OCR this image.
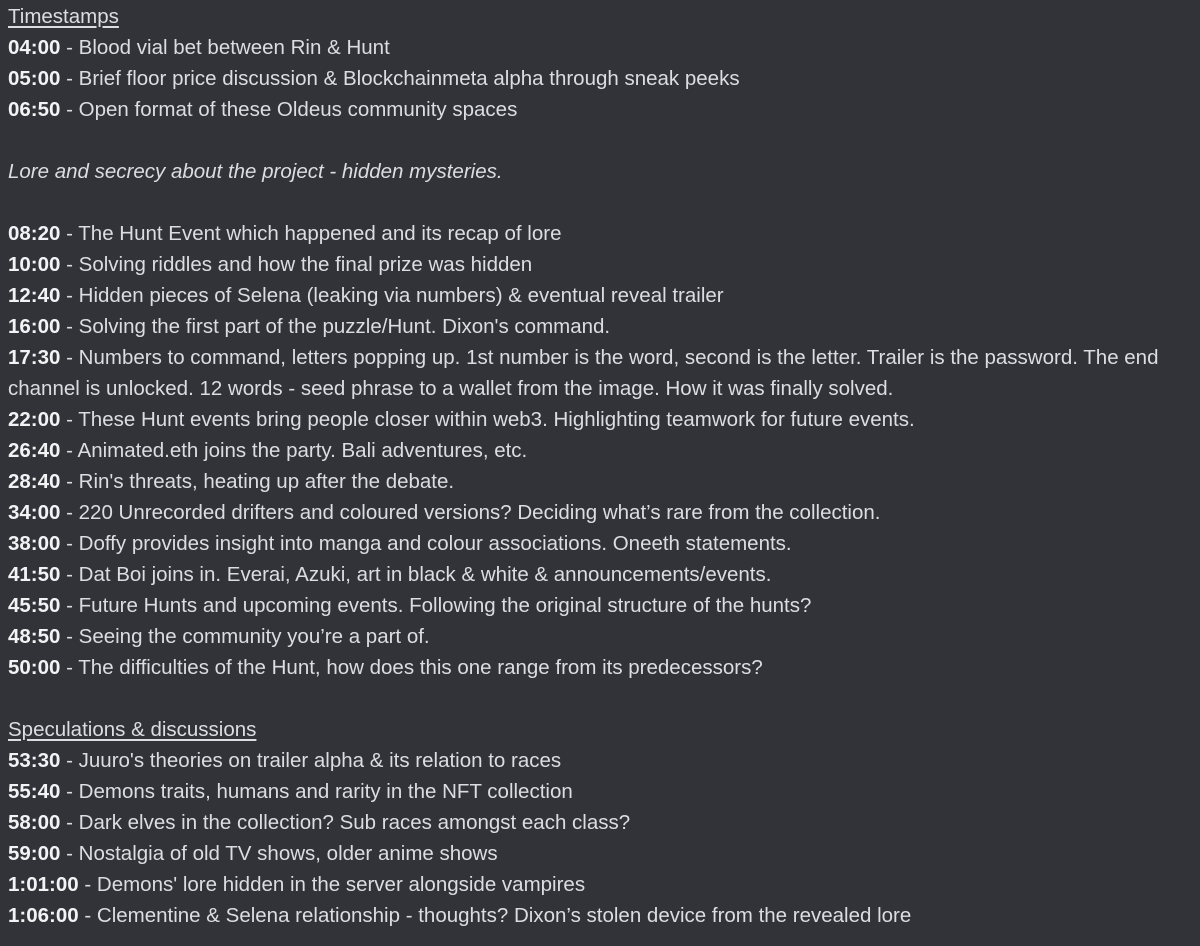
Timestamps
04:00 - Blood vial bet between Rin & Hunt
05:00 - Brief floor price discussion & Blockchainmeta alpha through sneak peeks
06:50 - Open format of these Oldeus community spaces
Lore and secrecy about the project - hidden mysteries.
08:20 - The Hunt Event which happened and its recap of lore
10:00 - Solving riddles and how the final prize was hidden
12:40 - Hidden pieces of Selena (leaking via numbers) & eventual reveal trailer
16:00 - Solving the first part of the puzzle/Hunt. Dixon's command.
17:30 - Numbers to command, letters popping up. 1st number is the word, second is the letter. Trailer is the password. The end channel is unlocked. 12 words - seed phrase to a wallet from the image. How it was finally solved.
22:00 - These Hunt events bring people closer within web3. Highlighting teamwork for future events.
26:40 - Animated.eth joins the party. Bali adventures, etc.
28:40 - Rin's threats, heating up after the debate.
34:00 - 220 Unrecorded drifters and coloured versions? Deciding what’s rare from the collection.
38:00 - Doffy provides insight into manga and colour associations. Oneeth statements.
41:50 - Dat Boi joins in. Everai, Azuki, art in black & white & announcements/events.
45:50 - Future Hunts and upcoming events. Following the original structure of the hunts?
48:50 - Seeing the community you’re a part of.
50:00 - The difficulties of the Hunt, how does this one range from its predecessors?
Speculations & discussions
53:30 - Juuro's theories on trailer alpha & its relation to races
55:40 - Demons traits, humans and rarity in the NFT collection
58:00 - Dark elves in the collection? Sub races amongst each class?
59:00 - Nostalgia of old TV shows, older anime shows
1:01:00 - Demons' lore hidden in the server alongside vampires
1:06:00 - Clementine & Selena relationship - thoughts? Dixon’s stolen device from the revealed lore
